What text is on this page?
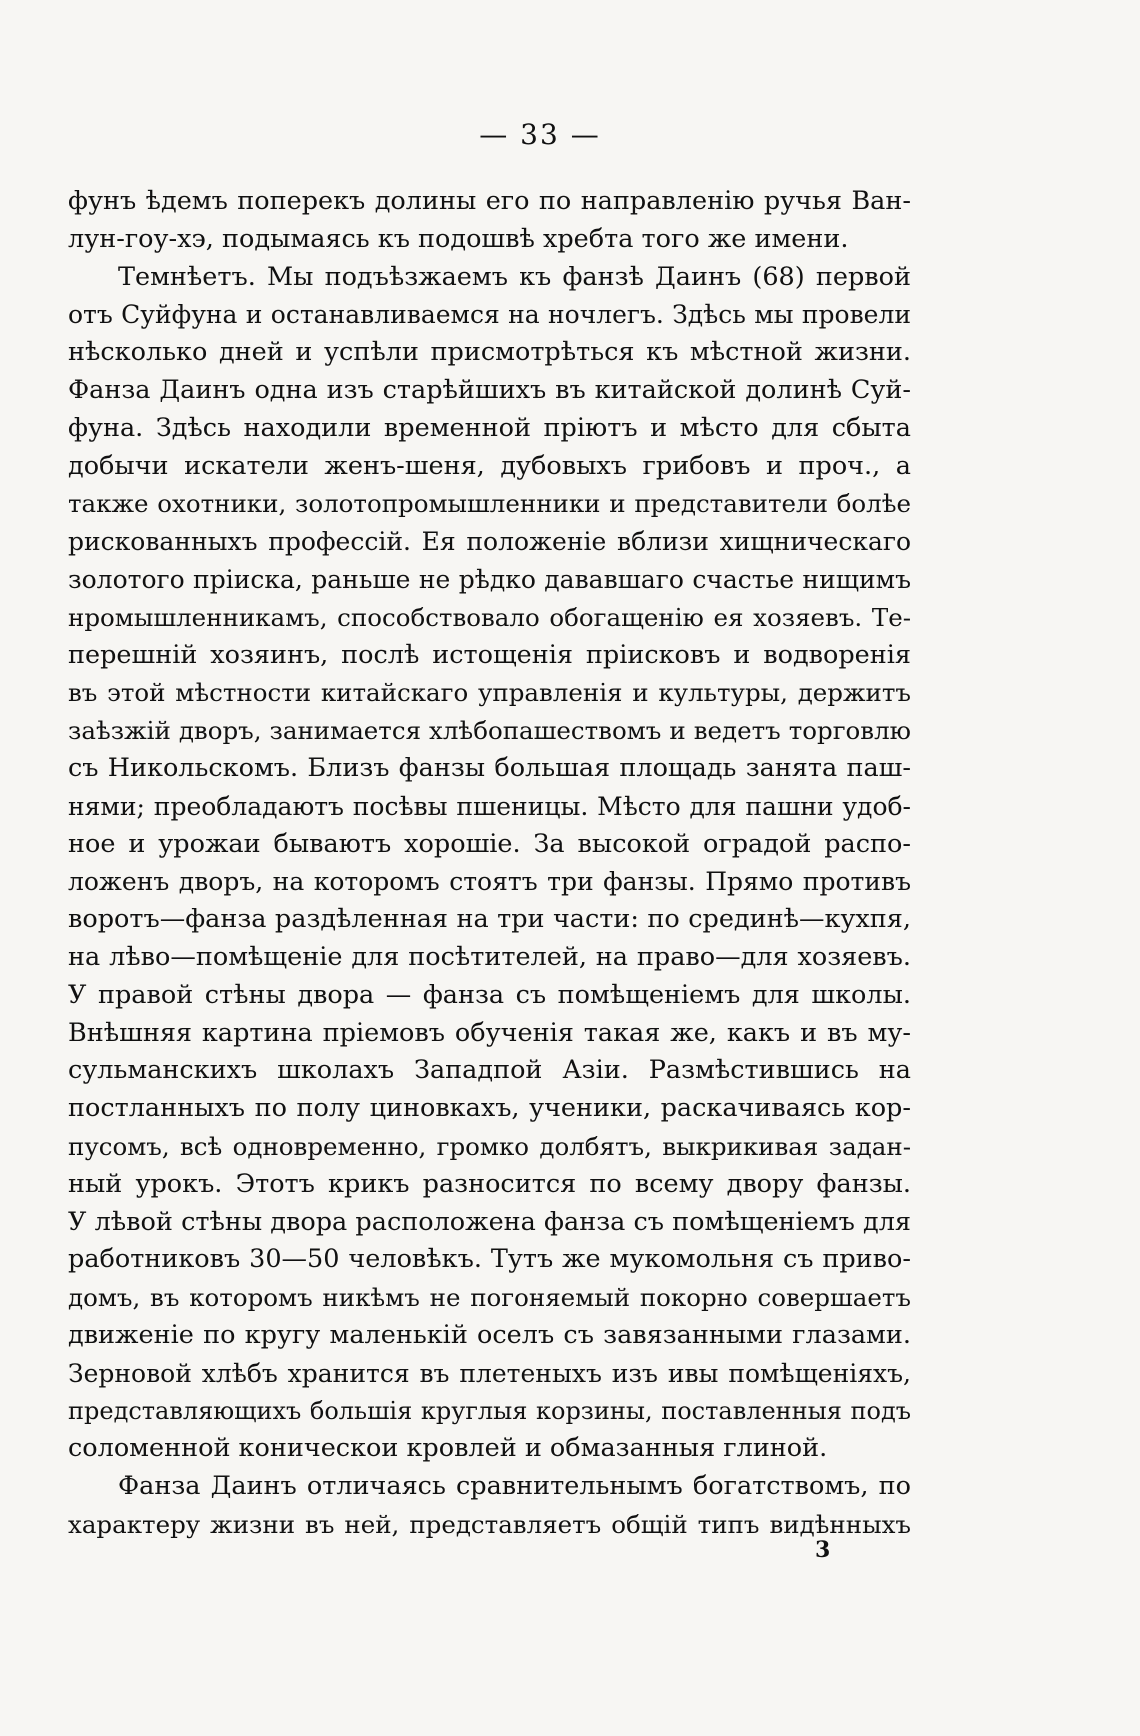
— 33 —
фунъ ѣдемъ поперекъ долины его по направленію ручья Ван-
лун-гоу-хэ, подымаясь къ подошвѣ хребта того же имени.
Темнѣетъ. Мы подъѣзжаемъ къ фанзѣ Даинъ (68) первой
отъ Суйфуна и останавливаемся на ночлегъ. Здѣсь мы провели
нѣсколько дней и успѣли присмотрѣться къ мѣстной жизни.
Фанза Даинъ одна изъ старѣйшихъ въ китайской долинѣ Суй-
фуна. Здѣсь находили временной пріютъ и мѣсто для сбыта
добычи искатели женъ-шеня, дубовыхъ грибовъ и проч., а
также охотники, золотопромышленники и представители болѣе
рискованныхъ профессій. Ея положеніе вблизи хищническаго
золотого пріиска, раньше не рѣдко дававшаго счастье нищимъ
нромышленникамъ, способствовало обогащенію ея хозяевъ. Те-
перешній хозяинъ, послѣ истощенія пріисковъ и водворенія
въ этой мѣстности китайскаго управленія и культуры, держитъ
заѣзжій дворъ, занимается хлѣбопашествомъ и ведетъ торговлю
съ Никольскомъ. Близъ фанзы большая площадь занята паш-
нями; преобладаютъ посѣвы пшеницы. Мѣсто для пашни удоб-
ное и урожаи бываютъ хорошіе. За высокой оградой распо-
ложенъ дворъ, на которомъ стоятъ три фанзы. Прямо противъ
воротъ—фанза раздѣленная на три части: по срединѣ—кухпя,
на лѣво—помѣщеніе для посѣтителей, на право—для хозяевъ.
У правой стѣны двора — фанза съ помѣщеніемъ для школы.
Внѣшняя картина пріемовъ обученія такая же, какъ и въ му-
сульманскихъ школахъ Западпой Азіи. Размѣстившись на
постланныхъ по полу циновкахъ, ученики, раскачиваясь кор-
пусомъ, всѣ одновременно, громко долбятъ, выкрикивая задан-
ный урокъ. Этотъ крикъ разносится по всему двору фанзы.
У лѣвой стѣны двора расположена фанза съ помѣщеніемъ для
работниковъ 30—50 человѣкъ. Тутъ же мукомольня съ приво-
домъ, въ которомъ никѣмъ не погоняемый покорно совершаетъ
движеніе по кругу маленькій оселъ съ завязанными глазами.
Зерновой хлѣбъ хранится въ плетеныхъ изъ ивы помѣщеніяхъ,
представляющихъ большія круглыя корзины, поставленныя подъ
соломенной коническои кровлей и обмазанныя глиной.
Фанза Даинъ отличаясь сравнительнымъ богатствомъ, по
характеру жизни въ ней, представляетъ общій типъ видѣнныхъ
3
